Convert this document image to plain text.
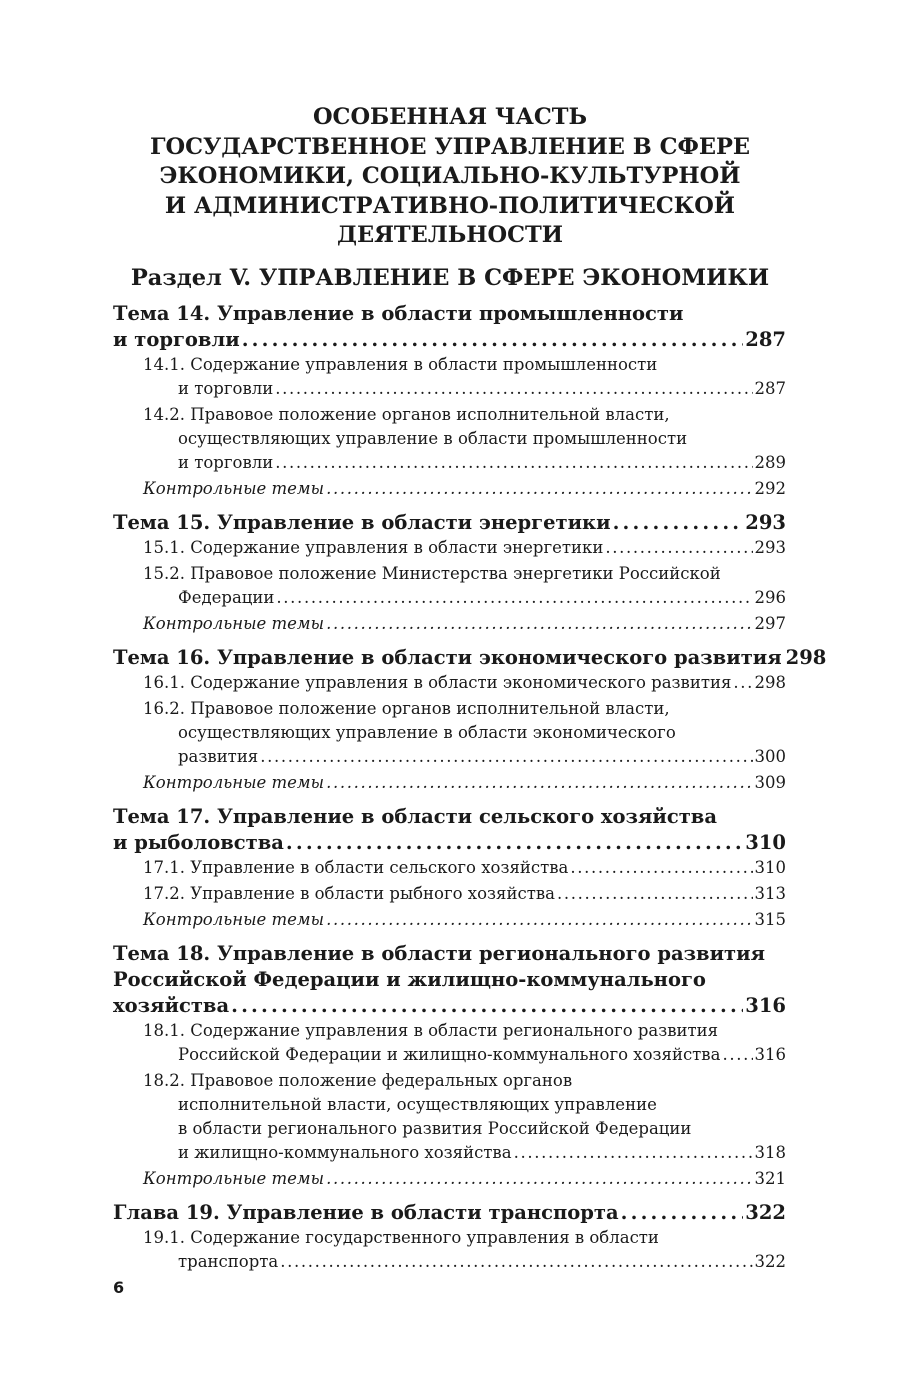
ОСОБЕННАЯ ЧАСТЬ
ГОСУДАРСТВЕННОЕ УПРАВЛЕНИЕ В СФЕРЕ
ЭКОНОМИКИ, СОЦИАЛЬНО-КУЛЬТУРНОЙ
И АДМИНИСТРАТИВНО-ПОЛИТИЧЕСКОЙ
ДЕЯТЕЛЬНОСТИ
Раздел V. УПРАВЛЕНИЕ В СФЕРЕ ЭКОНОМИКИ
Тема 14. Управление в области промышленности
и торговли . . .	287
14.1. Содержание управления в области промышленности
и торговли . . .	287
14.2. Правовое положение органов исполнительной власти,
осуществляющих управление в области промышленности
и торговли . . .	289
Контрольные темы . . .	292
Тема 15. Управление в области энергетики . . .	293
15.1. Содержание управления в области энергетики . . .	293
15.2. Правовое положение Министерства энергетики Российской
Федерации . . .	296
Контрольные темы . . .	297
Тема 16. Управление в области экономического развития 298
16.1. Содержание управления в области экономического развития . . . 298
16.2. Правовое положение органов исполнительной власти,
осуществляющих управление в области экономического
развития . . .	300
Контрольные темы . . .	309
Тема 17. Управление в области сельского хозяйства
и рыболовства . . .	310
17.1. Управление в области сельского хозяйства . . .	310
17.2. Управление в области рыбного хозяйства . . .	313
Контрольные темы . . .	315
Тема 18. Управление в области регионального развития
Российской Федерации и жилищно-коммунального
хозяйства . . .	316
18.1. Содержание управления в области регионального развития
Российской Федерации и жилищно-коммунального хозяйства . . . 316
18.2. Правовое положение федеральных органов
исполнительной власти, осуществляющих управление
в области регионального развития Российской Федерации
и жилищно-коммунального хозяйства . . .	318
Контрольные темы . . .	321
Глава 19. Управление в области транспорта . . .	322
19.1. Содержание государственного управления в области
транспорта . . .	322
6
